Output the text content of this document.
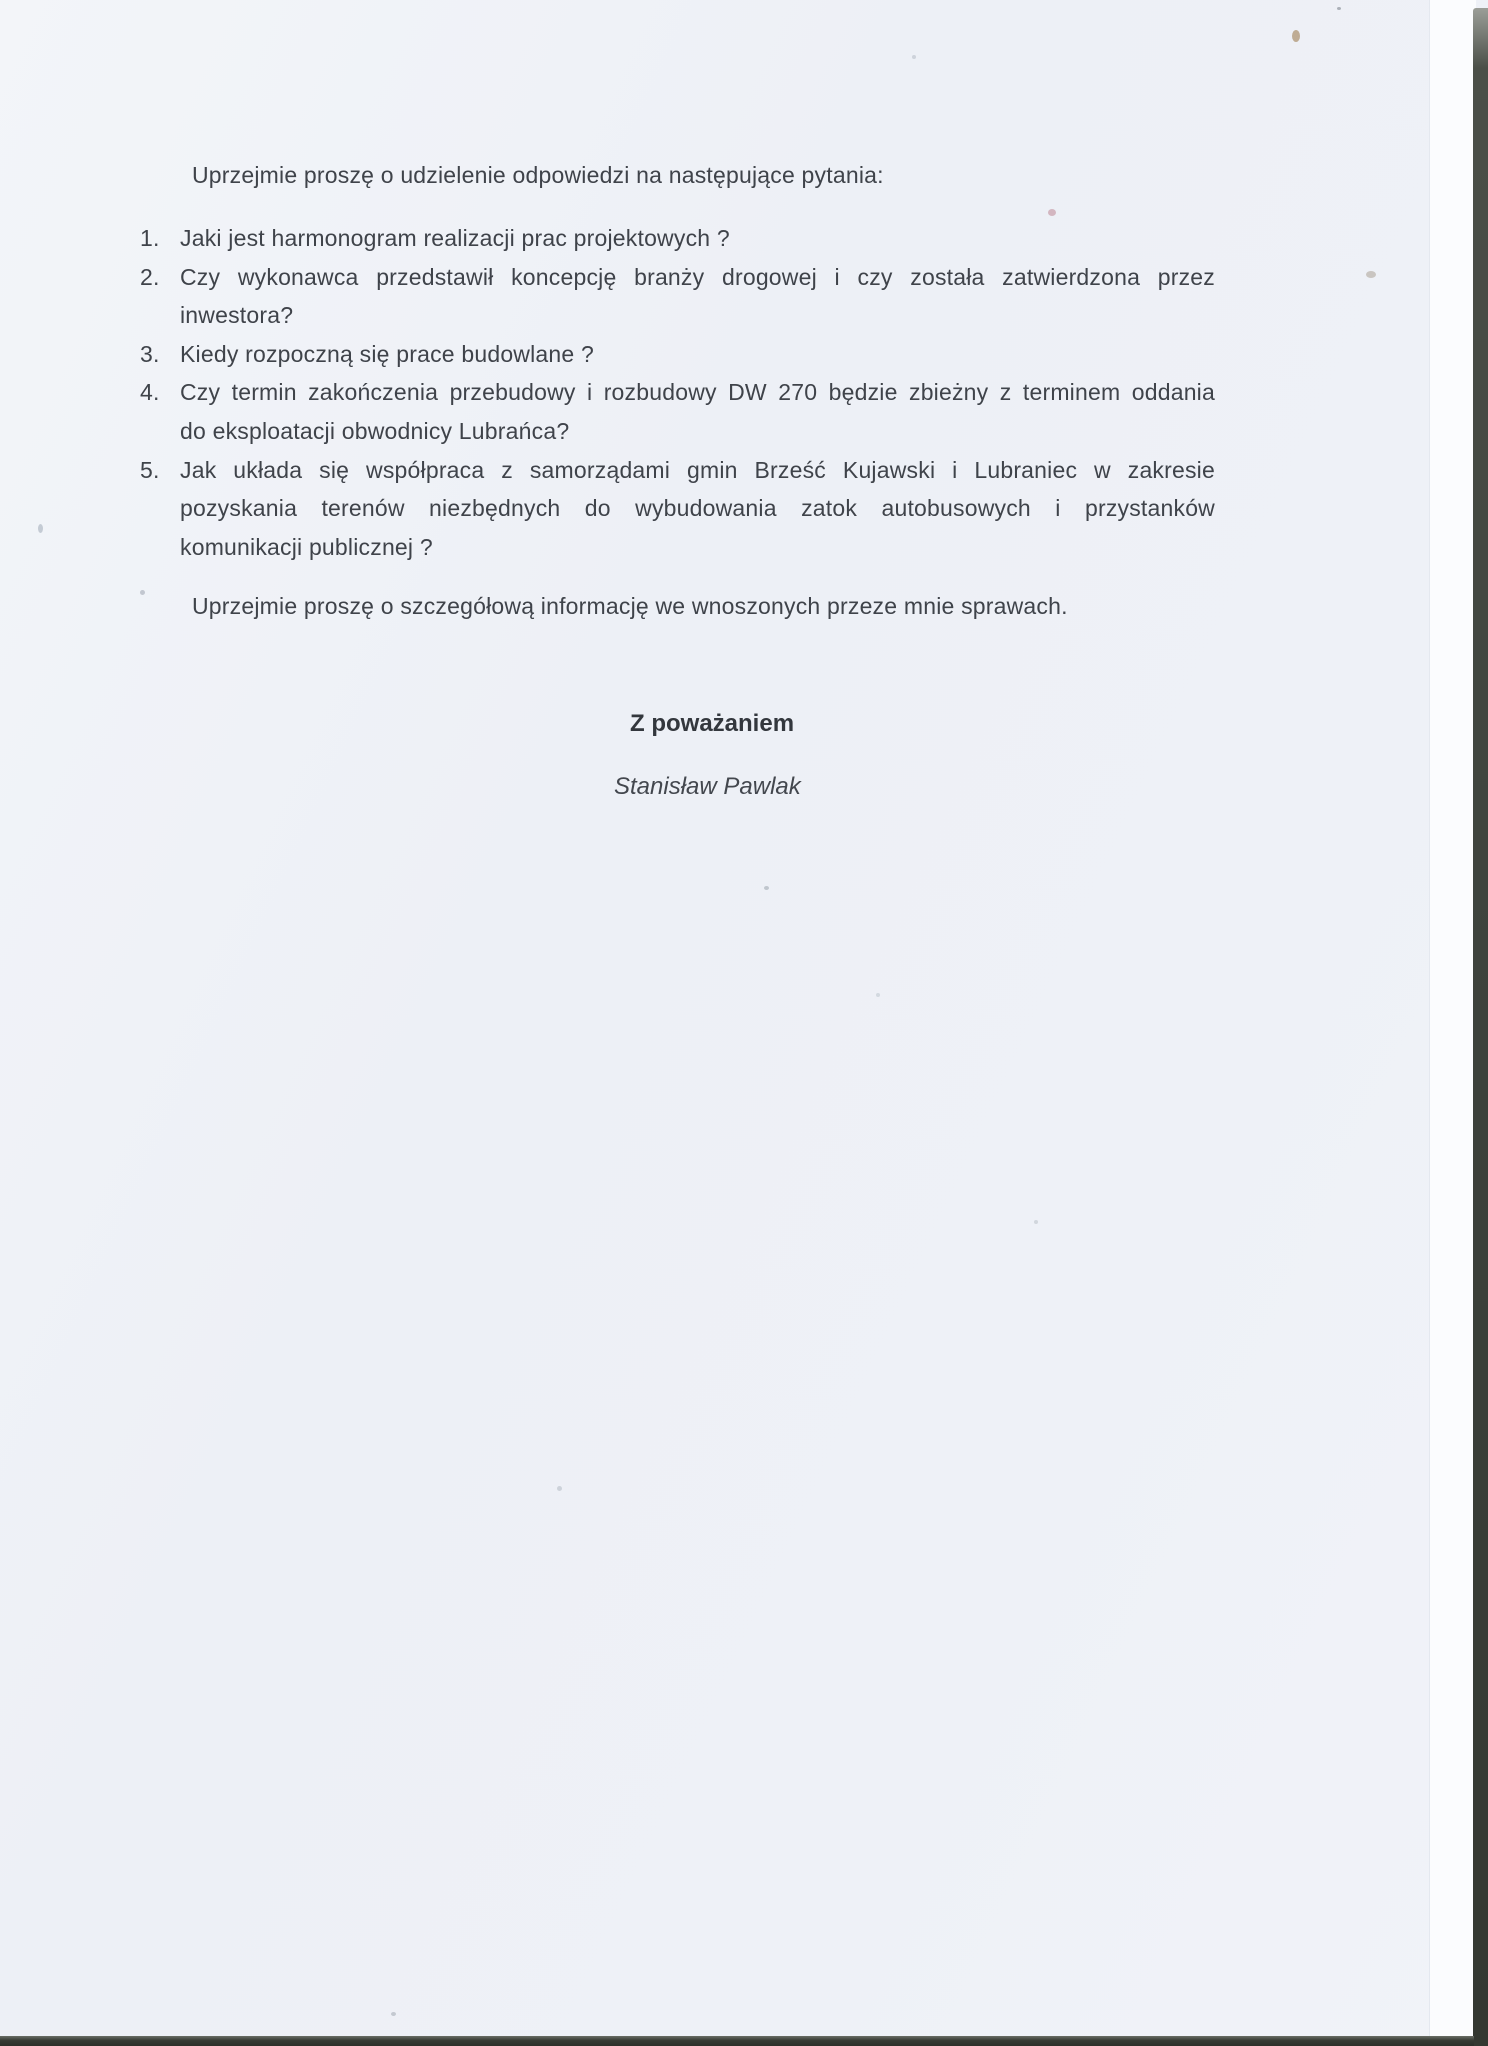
Uprzejmie proszę o udzielenie odpowiedzi na następujące pytania:

1. Jaki jest harmonogram realizacji prac projektowych ?
2. Czy wykonawca przedstawił koncepcję branży drogowej i czy została zatwierdzona przez
inwestora?
3. Kiedy rozpoczną się prace budowlane ?
4. Czy termin zakończenia przebudowy i rozbudowy DW 270 będzie zbieżny z terminem oddania
do eksploatacji obwodnicy Lubrańca?
5. Jak układa się współpraca z samorządami gmin Brześć Kujawski i Lubraniec w zakresie
pozyskania terenów niezbędnych do wybudowania zatok autobusowych i przystanków
komunikacji publicznej ?

Uprzejmie proszę o szczegółową informację we wnoszonych przeze mnie sprawach.

Z poważaniem

Stanisław Pawlak
